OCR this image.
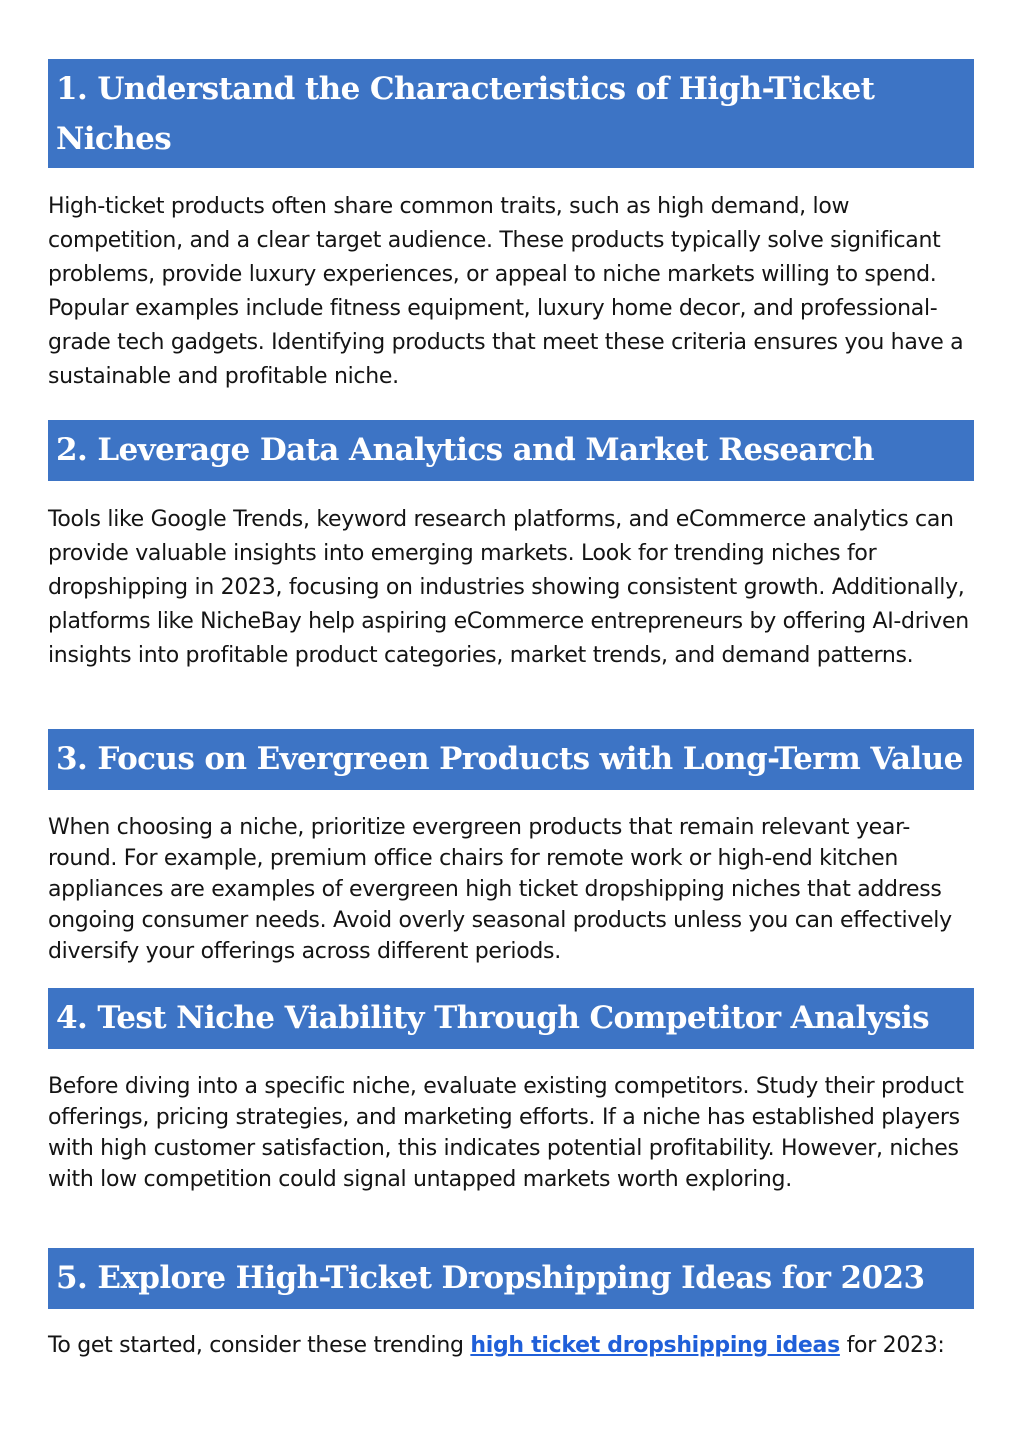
1. Understand the Characteristics of High-Ticket Niches

High-ticket products often share common traits, such as high demand, low competition, and a clear target audience. These products typically solve significant problems, provide luxury experiences, or appeal to niche markets willing to spend. Popular examples include fitness equipment, luxury home decor, and professional-grade tech gadgets. Identifying products that meet these criteria ensures you have a sustainable and profitable niche.

2. Leverage Data Analytics and Market Research

Tools like Google Trends, keyword research platforms, and eCommerce analytics can provide valuable insights into emerging markets. Look for trending niches for dropshipping in 2023, focusing on industries showing consistent growth. Additionally, platforms like NicheBay help aspiring eCommerce entrepreneurs by offering AI-driven insights into profitable product categories, market trends, and demand patterns.

3. Focus on Evergreen Products with Long-Term Value

When choosing a niche, prioritize evergreen products that remain relevant year-round. For example, premium office chairs for remote work or high-end kitchen appliances are examples of evergreen high ticket dropshipping niches that address ongoing consumer needs. Avoid overly seasonal products unless you can effectively diversify your offerings across different periods.

4. Test Niche Viability Through Competitor Analysis

Before diving into a specific niche, evaluate existing competitors. Study their product offerings, pricing strategies, and marketing efforts. If a niche has established players with high customer satisfaction, this indicates potential profitability. However, niches with low competition could signal untapped markets worth exploring.

5. Explore High-Ticket Dropshipping Ideas for 2023

To get started, consider these trending high ticket dropshipping ideas for 2023:
